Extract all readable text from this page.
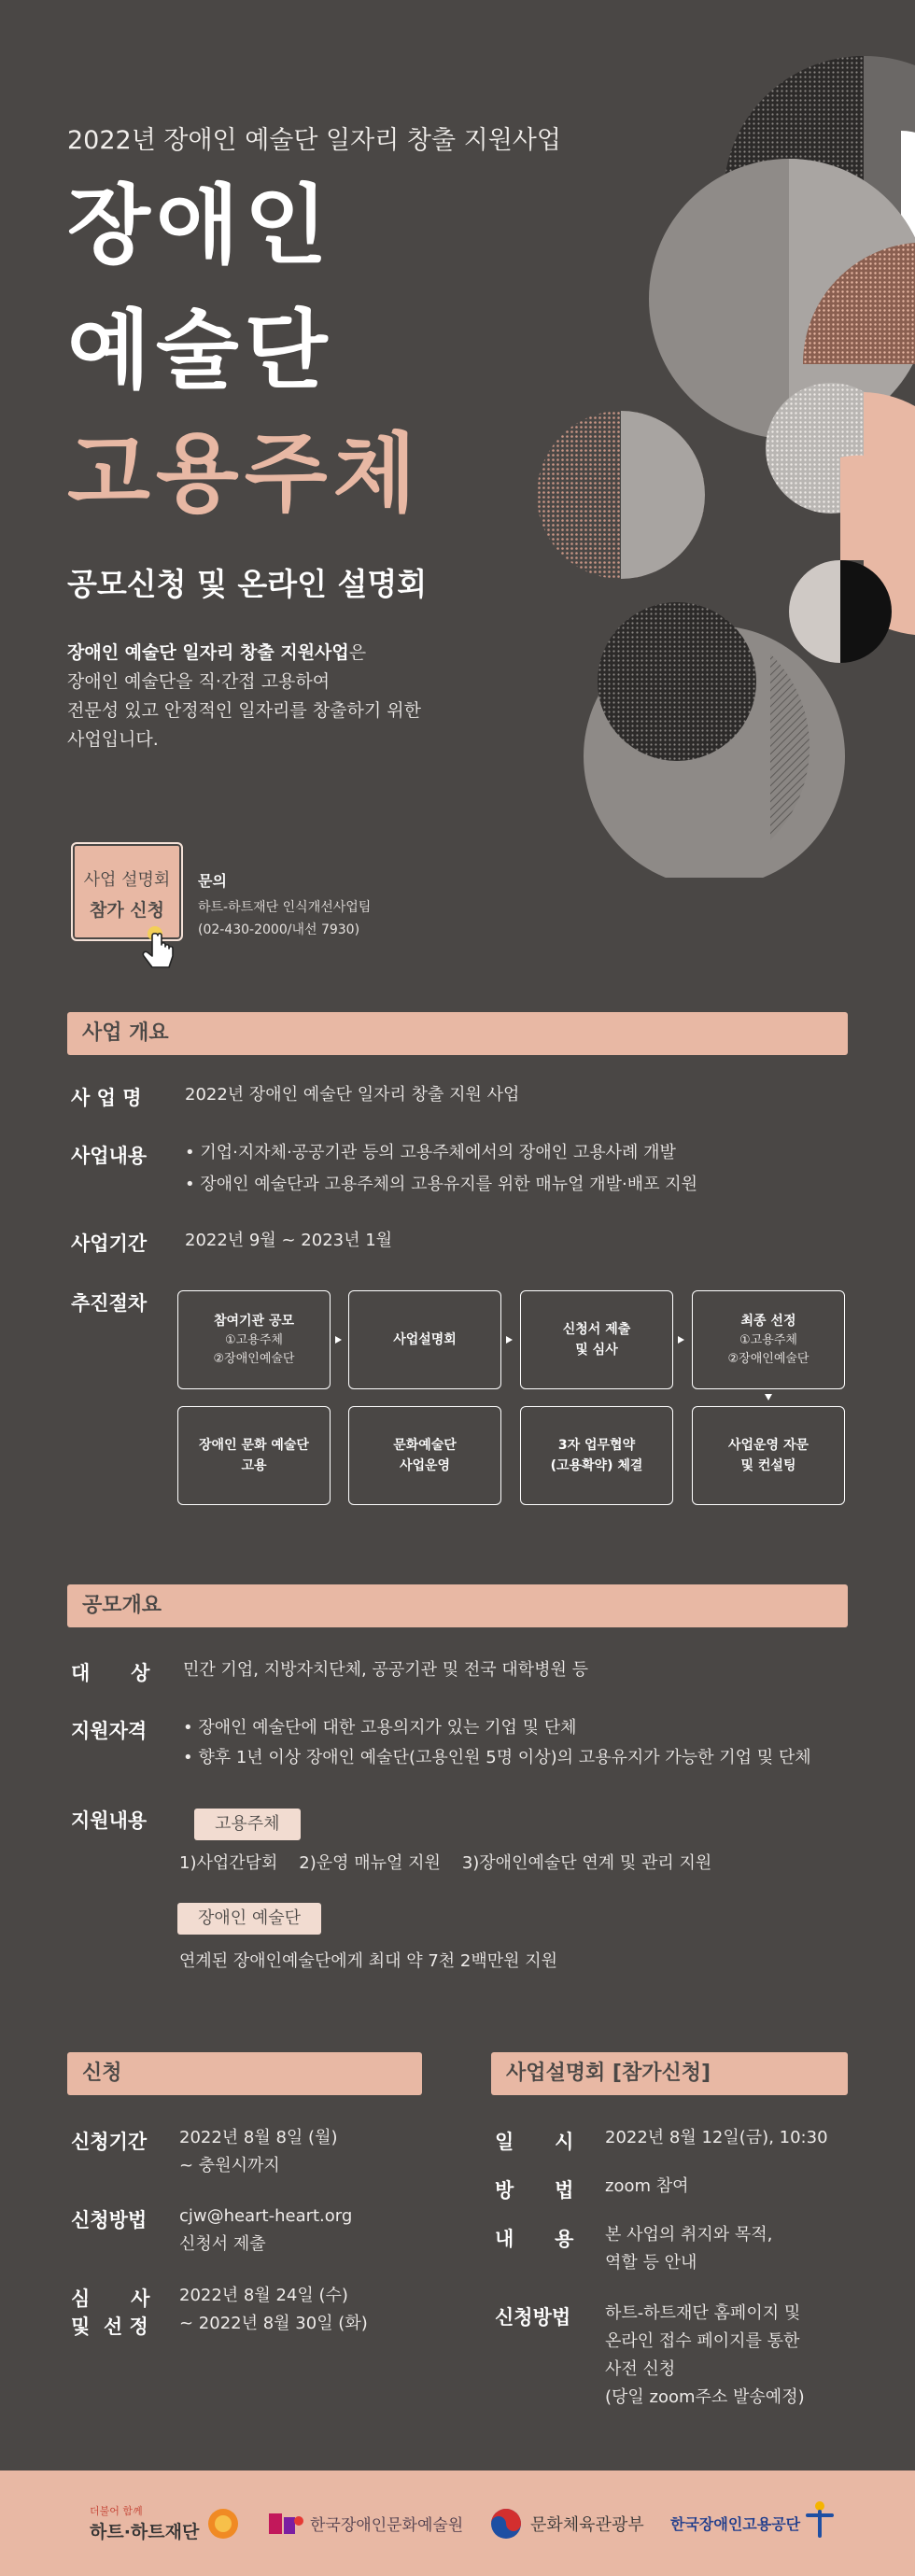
2022년 장애인 예술단 일자리 창출 지원사업
장애인
예술단
고용주체
공모신청 및 온라인 설명회
장애인 예술단 일자리 창출 지원사업은
장애인 예술단을 직·간접 고용하여
전문성 있고 안정적인 일자리를 창출하기 위한
사업입니다.
사업 설명회
참가 신청
문의
하트-하트재단 인식개선사업팀
(02-430-2000/내선 7930)
사업 개요
사 업 명	2022년 장애인 예술단 일자리 창출 지원 사업
사업내용 • 기업·지자체·공공기관 등의 고용주체에서의 장애인 고용사례 개발
• 장애인 예술단과 고용주체의 고용유지를 위한 매뉴얼 개발·배포 지원
사업기간 2022년 9월 ~ 2023년 1월
추진절차
참여기관 공모
①고용주체
②장애인예술단
사업설명회
신청서 제출
및 심사
최종 선정
①고용주체
②장애인예술단
장애인 문화 예술단
고용
문화예술단
사업운영
3자 업무협약
(고용확약) 체결
사업운영 자문
및 컨설팅
공모개요
대      상 민간 기업, 지방자치단체, 공공기관 및 전국 대학병원 등
지원자격 • 장애인 예술단에 대한 고용의지가 있는 기업 및 단체
• 향후 1년 이상 장애인 예술단(고용인원 5명 이상)의 고용유지가 가능한 기업 및 단체
지원내용	고용주체
1)사업간담회    2)운영 매뉴얼 지원    3)장애인예술단 연계 및 관리 지원
장애인 예술단
연계된 장애인예술단에게 최대 약 7천 2백만원 지원
신청
신청기간 2022년 8월 8일 (월)
~ 충원시까지
신청방법 cjw@heart-heart.org
신청서 제출
심      사
및  선 정
2022년 8월 24일 (수)
~ 2022년 8월 30일 (화)
사업설명회 [참가신청]
일      시 2022년 8월 12일(금), 10:30
방      법 zoom 참여
내      용 본 사업의 취지와 목적,
역할 등 안내
신청방법 하트-하트재단 홈페이지 및
온라인 접수 페이지를 통한
사전 신청
(당일 zoom주소 발송예정)
더불어 함께
하트·하트재단	한국장애인문화예술원	문화체육관광부 한국장애인고용공단
